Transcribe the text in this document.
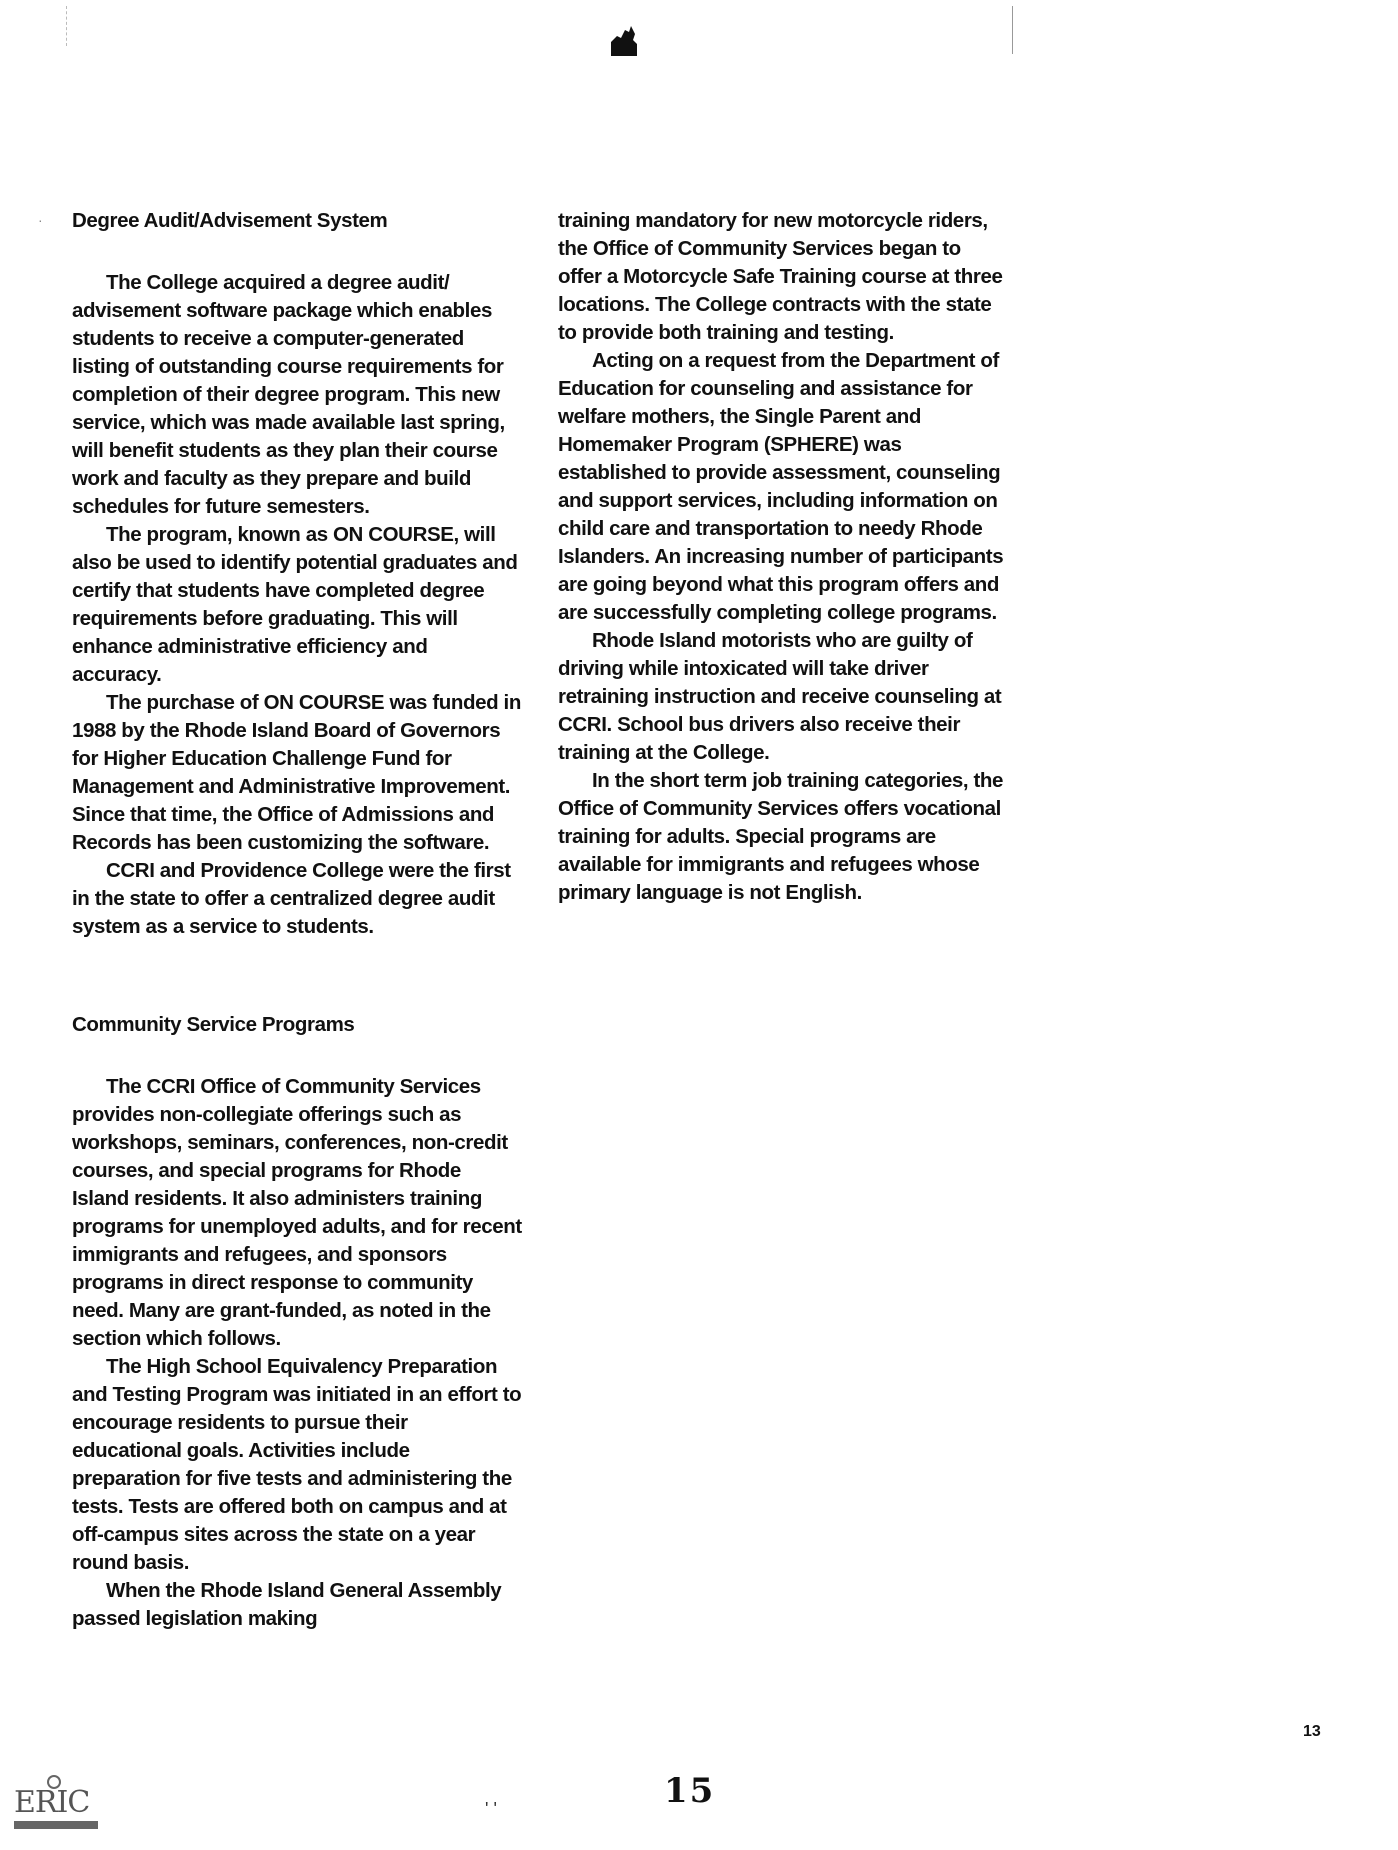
· Degree Audit/Advisement System

The College acquired a degree audit/ advisement software package which enables students to receive a computer-generated listing of outstanding course requirements for completion of their degree program. This new service, which was made available last spring, will benefit students as they plan their course work and faculty as they prepare and build schedules for future semesters.

The program, known as ON COURSE, will also be used to identify potential graduates and certify that students have completed degree requirements before graduating. This will enhance administrative efficiency and accuracy.

The purchase of ON COURSE was funded in 1988 by the Rhode Island Board of Governors for Higher Education Challenge Fund for Management and Administrative Improvement. Since that time, the Office of Admissions and Records has been customizing the software.

CCRI and Providence College were the first in the state to offer a centralized degree audit system as a service to students.

Community Service Programs

The CCRI Office of Community Services provides non-collegiate offerings such as workshops, seminars, conferences, non-credit courses, and special programs for Rhode Island residents. It also administers training programs for unemployed adults, and for recent immigrants and refugees, and sponsors programs in direct response to community need. Many are grant-funded, as noted in the section which follows.

The High School Equivalency Preparation and Testing Program was initiated in an effort to encourage residents to pursue their educational goals. Activities include preparation for five tests and administering the tests. Tests are offered both on campus and at off-campus sites across the state on a year round basis.

When the Rhode Island General Assembly passed legislation making

training mandatory for new motorcycle riders, the Office of Community Services began to offer a Motorcycle Safe Training course at three locations. The College contracts with the state to provide both training and testing.

Acting on a request from the Department of Education for counseling and assistance for welfare mothers, the Single Parent and Homemaker Program (SPHERE) was established to provide assessment, counseling and support services, including information on child care and transportation to needy Rhode Islanders. An increasing number of participants are going beyond what this program offers and are successfully completing college programs.

Rhode Island motorists who are guilty of driving while intoxicated will take driver retraining instruction and receive counseling at CCRI. School bus drivers also receive their training at the College.

In the short term job training categories, the Office of Community Services offers vocational training for adults. Special programs are available for immigrants and refugees whose primary language is not English.

13
' '	15
ERIC
